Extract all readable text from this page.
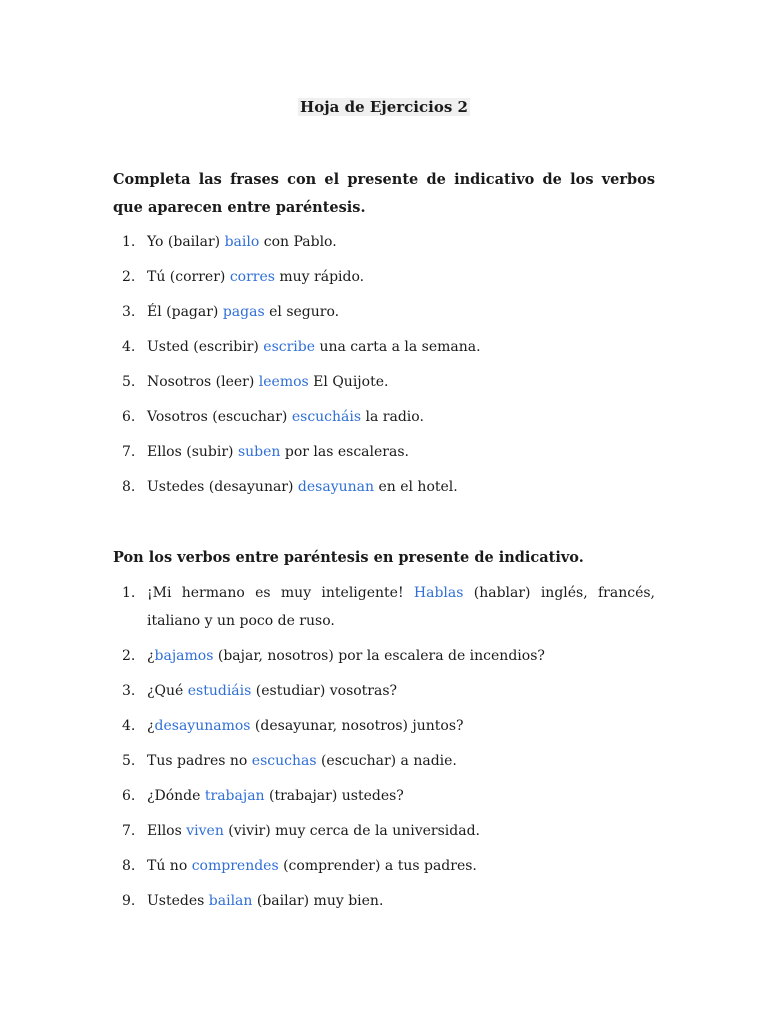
Hoja de Ejercicios 2
Completa las frases con el presente de indicativo de los verbos que aparecen entre paréntesis.
1. Yo (bailar) bailo con Pablo.
2. Tú (correr) corres muy rápido.
3. Él (pagar) pagas el seguro.
4. Usted (escribir) escribe una carta a la semana.
5. Nosotros (leer) leemos El Quijote.
6. Vosotros (escuchar) escucháis la radio.
7. Ellos (subir) suben por las escaleras.
8. Ustedes (desayunar) desayunan en el hotel.
Pon los verbos entre paréntesis en presente de indicativo.
1. ¡Mi hermano es muy inteligente! Hablas (hablar) inglés, francés, italiano y un poco de ruso.
2. ¿bajamos (bajar, nosotros) por la escalera de incendios?
3. ¿Qué estudiáis (estudiar) vosotras?
4. ¿desayunamos (desayunar, nosotros) juntos?
5. Tus padres no escuchas (escuchar) a nadie.
6. ¿Dónde trabajan (trabajar) ustedes?
7. Ellos viven (vivir) muy cerca de la universidad.
8. Tú no comprendes (comprender) a tus padres.
9. Ustedes bailan (bailar) muy bien.
